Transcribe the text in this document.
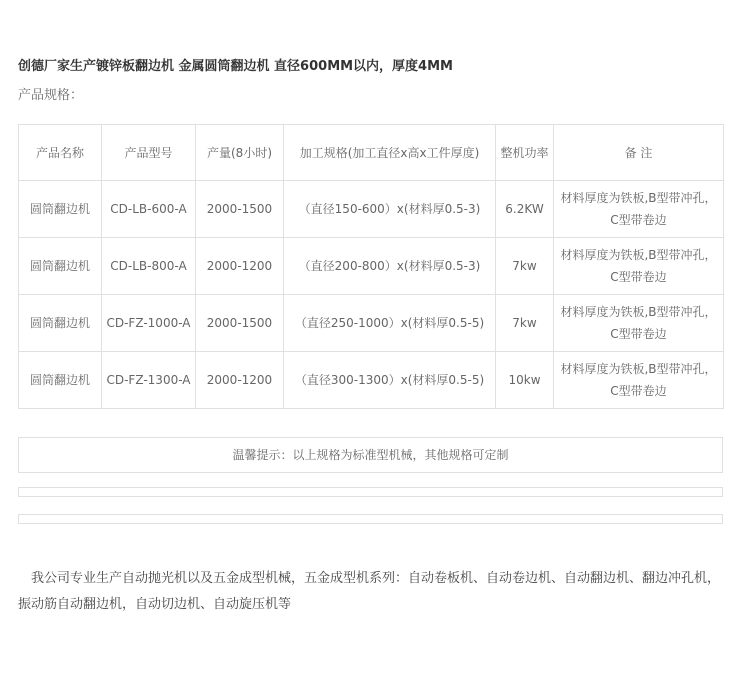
创德厂家生产镀锌板翻边机 金属圆筒翻边机 直径600MM以内，厚度4MM
产品规格：
产品名称	产品型号	产量(8小时)	加工规格(加工直径x高x工件厚度)	整机功率	备 注
圆筒翻边机	CD-LB-600-A	2000-1500	（直径150-600）x(材料厚0.5-3)	6.2KW	材料厚度为铁板,B型带冲孔，C型带卷边
圆筒翻边机	CD-LB-800-A	2000-1200	（直径200-800）x(材料厚0.5-3)	7kw	材料厚度为铁板,B型带冲孔，C型带卷边
圆筒翻边机	CD-FZ-1000-A	2000-1500	（直径250-1000）x(材料厚0.5-5)	7kw	材料厚度为铁板,B型带冲孔，C型带卷边
圆筒翻边机	CD-FZ-1300-A	2000-1200	（直径300-1300）x(材料厚0.5-5)	10kw	材料厚度为铁板,B型带冲孔，C型带卷边
温馨提示：以上规格为标准型机械，其他规格可定制
我公司专业生产自动抛光机以及五金成型机械，五金成型机系列：自动卷板机、自动卷边机、自动翻边机、翻边冲孔机，振动筋自动翻边机，自动切边机、自动旋压机等
